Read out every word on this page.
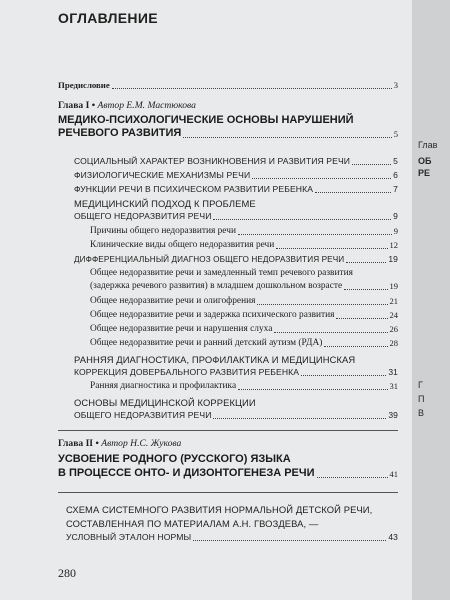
ОГЛАВЛЕНИЕ
Предисловие	3
Глава I • Автор Е.М. Мастюкова
МЕДИКО-ПСИХОЛОГИЧЕСКИЕ ОСНОВЫ НАРУШЕНИЙ
РЕЧЕВОГО РАЗВИТИЯ	5
СОЦИАЛЬНЫЙ ХАРАКТЕР ВОЗНИКНОВЕНИЯ И РАЗВИТИЯ РЕЧИ	5
ФИЗИОЛОГИЧЕСКИЕ МЕХАНИЗМЫ РЕЧИ	6
ФУНКЦИИ РЕЧИ В ПСИХИЧЕСКОМ РАЗВИТИИ РЕБЕНКА	7
МЕДИЦИНСКИЙ ПОДХОД К ПРОБЛЕМЕ
ОБЩЕГО НЕДОРАЗВИТИЯ РЕЧИ	9
Причины общего недоразвития речи	9
Клинические виды общего недоразвития речи	12
ДИФФЕРЕНЦИАЛЬНЫЙ ДИАГНОЗ ОБЩЕГО НЕДОРАЗВИТИЯ РЕЧИ	19
Общее недоразвитие речи и замедленный темп речевого развития
(задержка речевого развития) в младшем дошкольном возрасте	19
Общее недоразвитие речи и олигофрения	21
Общее недоразвитие речи и задержка психического развития	24
Общее недоразвитие речи и нарушения слуха	26
Общее недоразвитие речи и ранний детский аутизм (РДА)	28
РАННЯЯ ДИАГНОСТИКА, ПРОФИЛАКТИКА И МЕДИЦИНСКАЯ
КОРРЕКЦИЯ ДОВЕРБАЛЬНОГО РАЗВИТИЯ РЕБЕНКА	31
Ранняя диагностика и профилактика	31
ОСНОВЫ МЕДИЦИНСКОЙ КОРРЕКЦИИ
ОБЩЕГО НЕДОРАЗВИТИЯ РЕЧИ	39
Глава II • Автор Н.С. Жукова
УСВОЕНИЕ РОДНОГО (РУССКОГО) ЯЗЫКА
В ПРОЦЕССЕ ОНТО- И ДИЗОНТОГЕНЕЗА РЕЧИ	41
СХЕМА СИСТЕМНОГО РАЗВИТИЯ НОРМАЛЬНОЙ ДЕТСКОЙ РЕЧИ,
СОСТАВЛЕННАЯ ПО МАТЕРИАЛАМ А.Н. ГВОЗДЕВА, —
УСЛОВНЫЙ ЭТАЛОН НОРМЫ	43
280
Глав
ОБ
РЕ
Г
П
В
